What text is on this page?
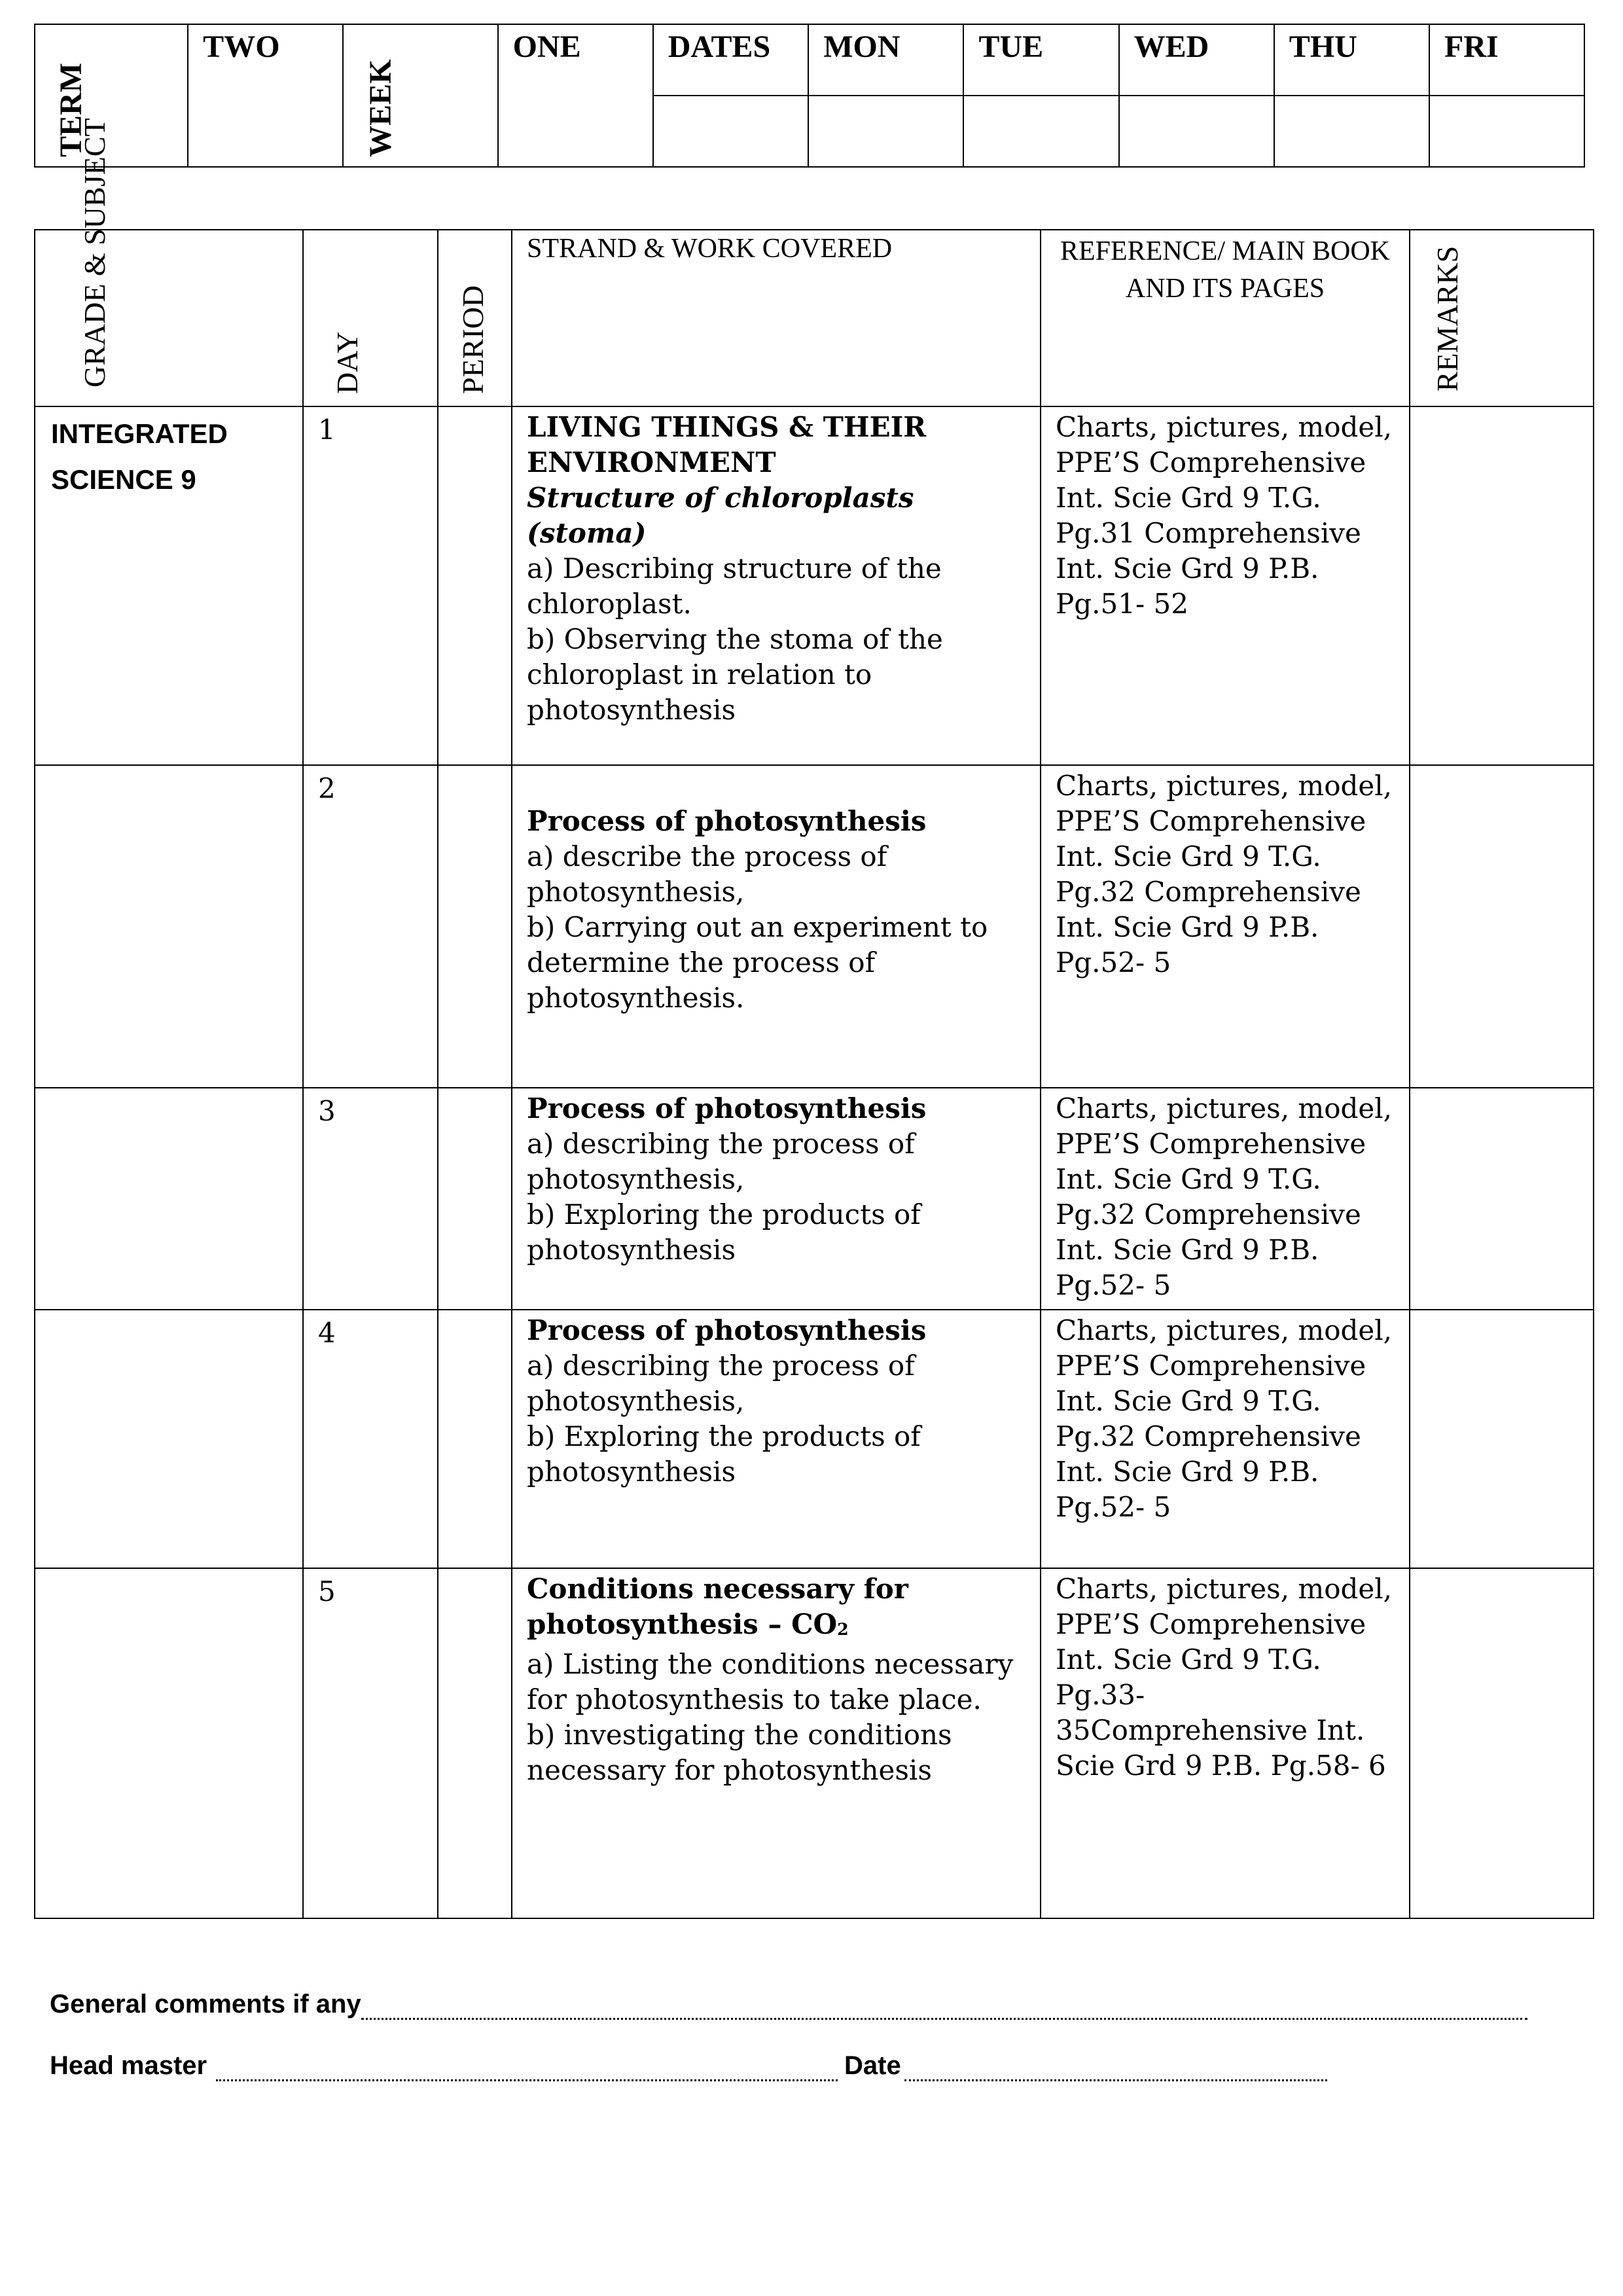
TERM	TWO	WEEK	ONE	DATES	MON	TUE	WED	THU	FRI

GRADE & SUBJECT	DAY	PERIOD	STRAND & WORK COVERED	REFERENCE/ MAIN BOOK AND ITS PAGES	REMARKS

INTEGRATED SCIENCE 9	1		LIVING THINGS & THEIR ENVIRONMENT
Structure of chloroplasts (stoma)
a) Describing structure of the chloroplast.
b) Observing the stoma of the chloroplast in relation to photosynthesis	Charts, pictures, model, PPE’S Comprehensive Int. Scie Grd 9 T.G. Pg.31 Comprehensive Int. Scie Grd 9 P.B. Pg.51- 52	
	2		Process of photosynthesis
a) describe the process of photosynthesis,
b) Carrying out an experiment to determine the process of photosynthesis.	Charts, pictures, model, PPE’S Comprehensive Int. Scie Grd 9 T.G. Pg.32 Comprehensive Int. Scie Grd 9 P.B. Pg.52- 5	
	3		Process of photosynthesis
a) describing the process of photosynthesis,
b) Exploring the products of photosynthesis	Charts, pictures, model, PPE’S Comprehensive Int. Scie Grd 9 T.G. Pg.32 Comprehensive Int. Scie Grd 9 P.B. Pg.52- 5	
	4		Process of photosynthesis
a) describing the process of photosynthesis,
b) Exploring the products of photosynthesis	Charts, pictures, model, PPE’S Comprehensive Int. Scie Grd 9 T.G. Pg.32 Comprehensive Int. Scie Grd 9 P.B. Pg.52- 5	
	5		Conditions necessary for photosynthesis – $CO_2$
a) Listing the conditions necessary for photosynthesis to take place.
b) investigating the conditions necessary for photosynthesis	Charts, pictures, model, PPE’S Comprehensive Int. Scie Grd 9 T.G. Pg.33- 35Comprehensive Int. Scie Grd 9 P.B. Pg.58- 6	
General comments if any
Head master	Date
